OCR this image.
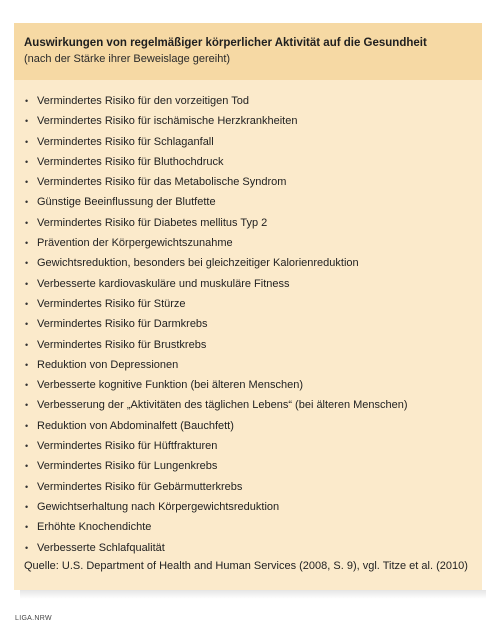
Auswirkungen von regelmäßiger körperlicher Aktivität auf die Gesundheit
(nach der Stärke ihrer Beweislage gereiht)
• Vermindertes Risiko für den vorzeitigen Tod
• Vermindertes Risiko für ischämische Herzkrankheiten
• Vermindertes Risiko für Schlaganfall
• Vermindertes Risiko für Bluthochdruck
• Vermindertes Risiko für das Metabolische Syndrom
• Günstige Beeinflussung der Blutfette
• Vermindertes Risiko für Diabetes mellitus Typ 2
• Prävention der Körpergewichtszunahme
• Gewichtsreduktion, besonders bei gleichzeitiger Kalorienreduktion
• Verbesserte kardiovaskuläre und muskuläre Fitness
• Vermindertes Risiko für Stürze
• Vermindertes Risiko für Darmkrebs
• Vermindertes Risiko für Brustkrebs
• Reduktion von Depressionen
• Verbesserte kognitive Funktion (bei älteren Menschen)
• Verbesserung der „Aktivitäten des täglichen Lebens“ (bei älteren Menschen)
• Reduktion von Abdominalfett (Bauchfett)
• Vermindertes Risiko für Hüftfrakturen
• Vermindertes Risiko für Lungenkrebs
• Vermindertes Risiko für Gebärmutterkrebs
• Gewichtserhaltung nach Körpergewichtsreduktion
• Erhöhte Knochendichte
• Verbesserte Schlafqualität
Quelle: U.S. Department of Health and Human Services (2008, S. 9), vgl. Titze et al. (2010)
LIGA.NRW
